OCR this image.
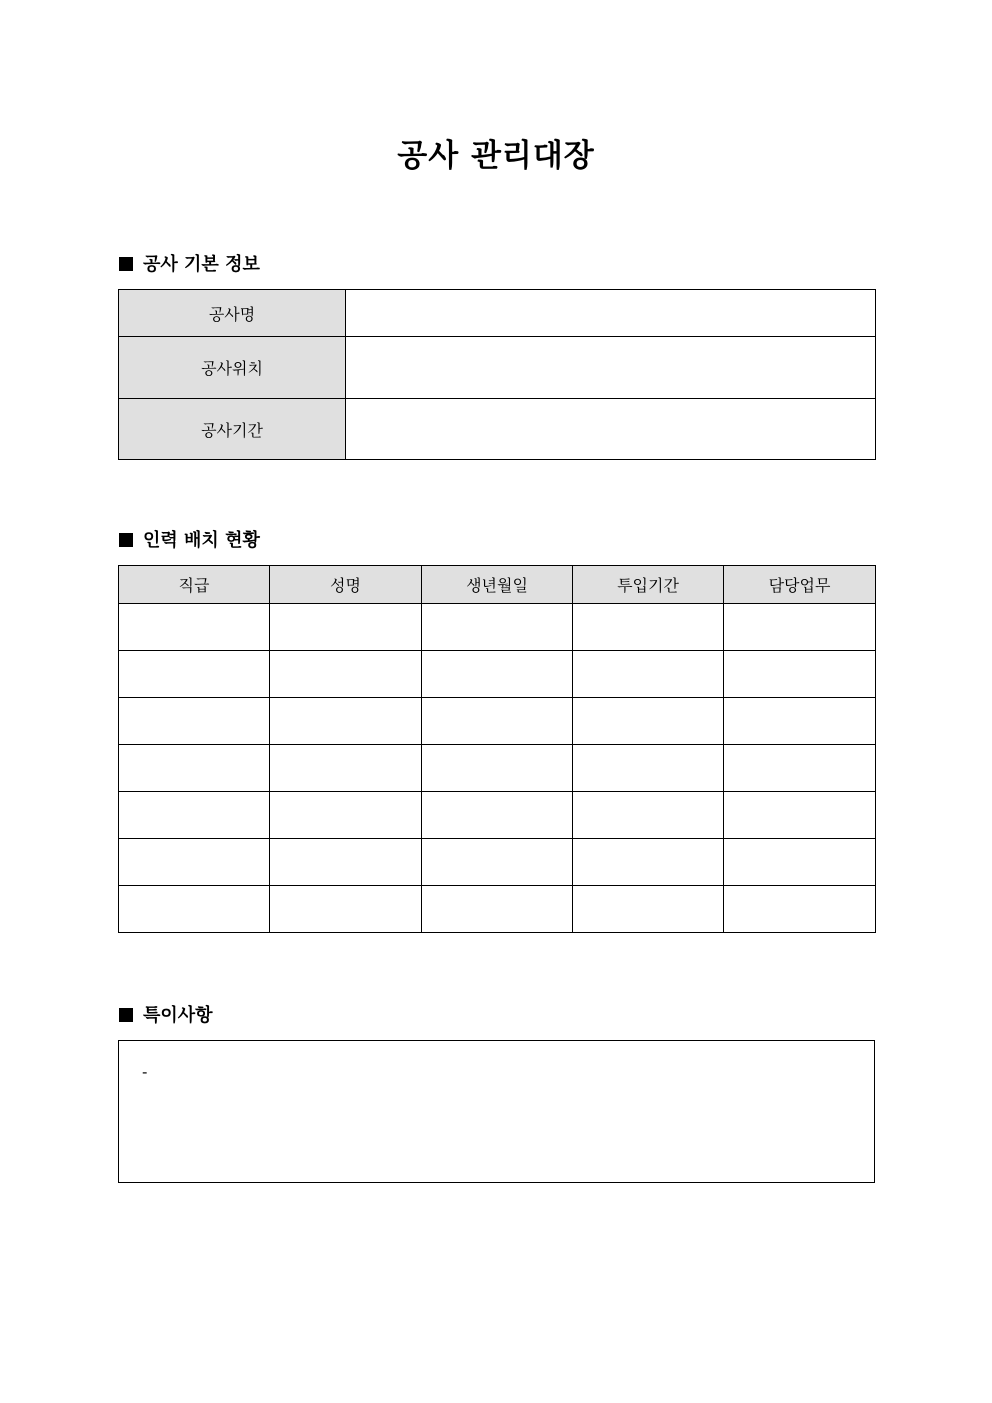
공사 관리대장
공사 기본 정보
공사명	
공사위치	
공사기간	
인력 배치 현황
직급	성명	생년월일	투입기간	담당업무

특이사항
-
